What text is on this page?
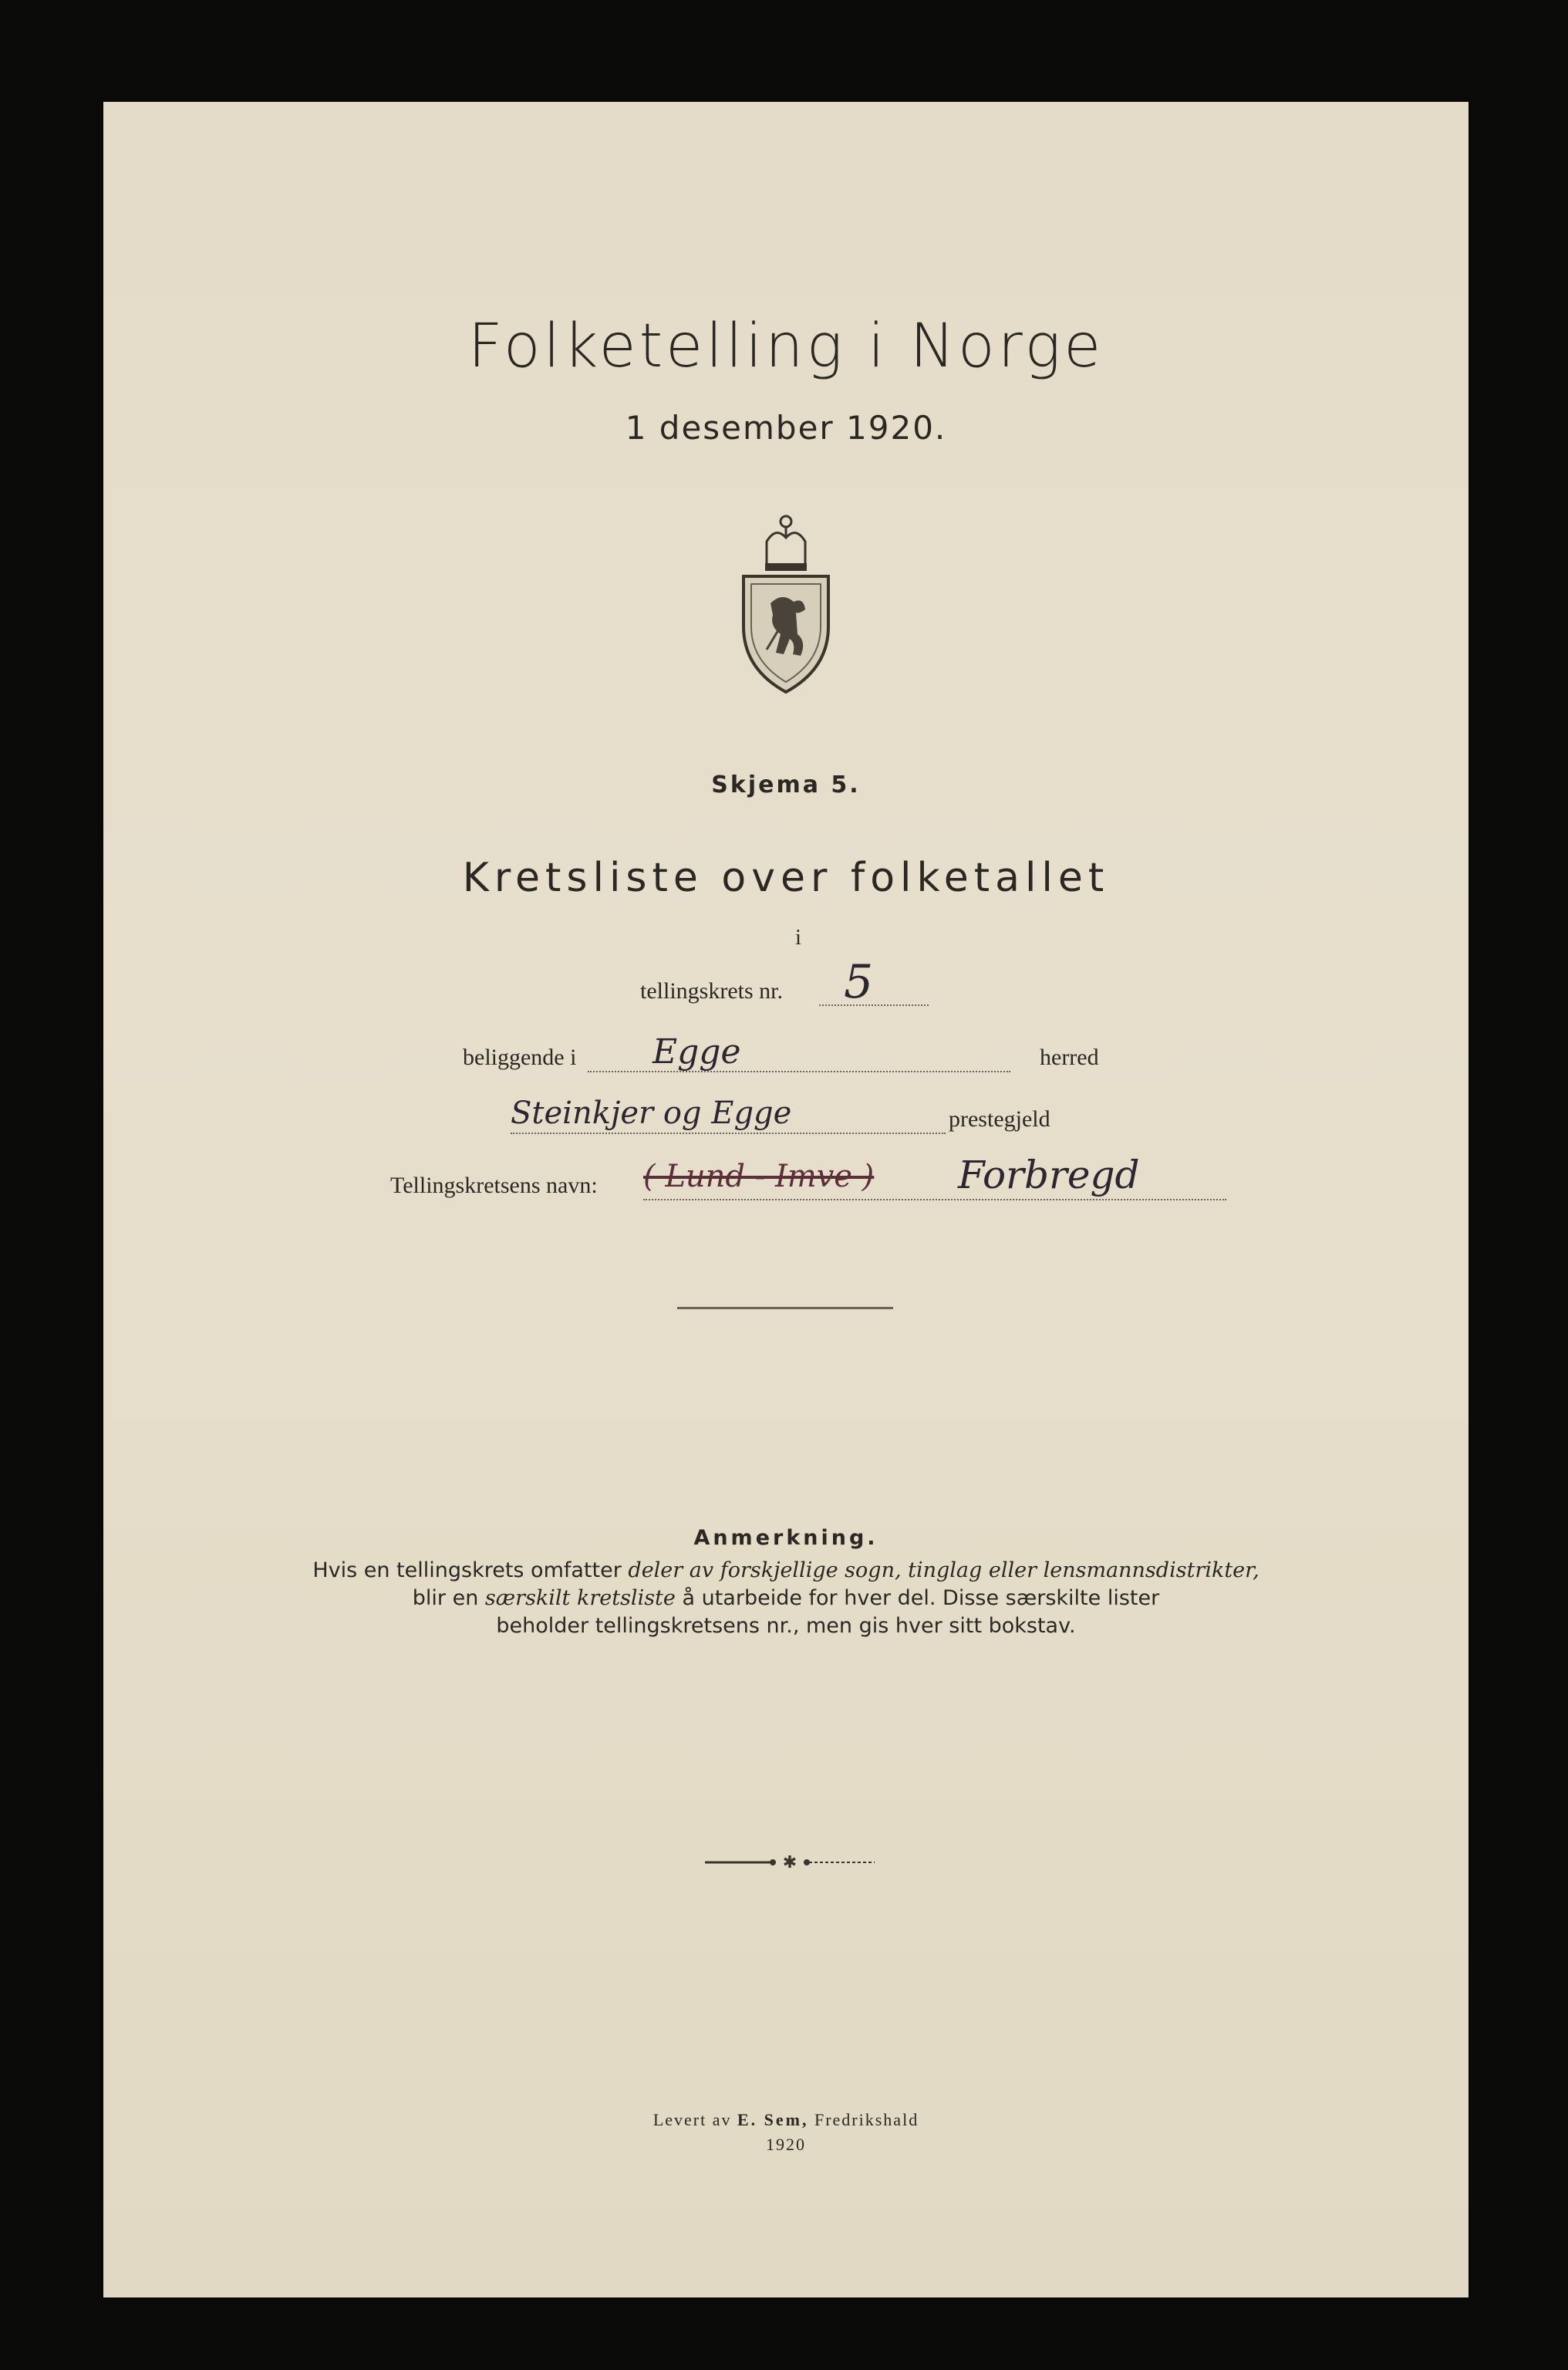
Folketelling i Norge
1 desember 1920.
Skjema 5.
Kretsliste over folketallet
i
tellingskrets nr. 5
beliggende i Egge	herred
Steinkjer og Egge	prestegjeld
Tellingskretsens navn: ( Lund - Imve ) Forbregd
Anmerkning.
Hvis en tellingskrets omfatter deler av forskjellige sogn, tinglag eller lensmannsdistrikter,
blir en særskilt kretsliste å utarbeide for hver del. Disse særskilte lister
beholder tellingskretsens nr., men gis hver sitt bokstav.
✱
Levert av E. Sem, Fredrikshald
1920
